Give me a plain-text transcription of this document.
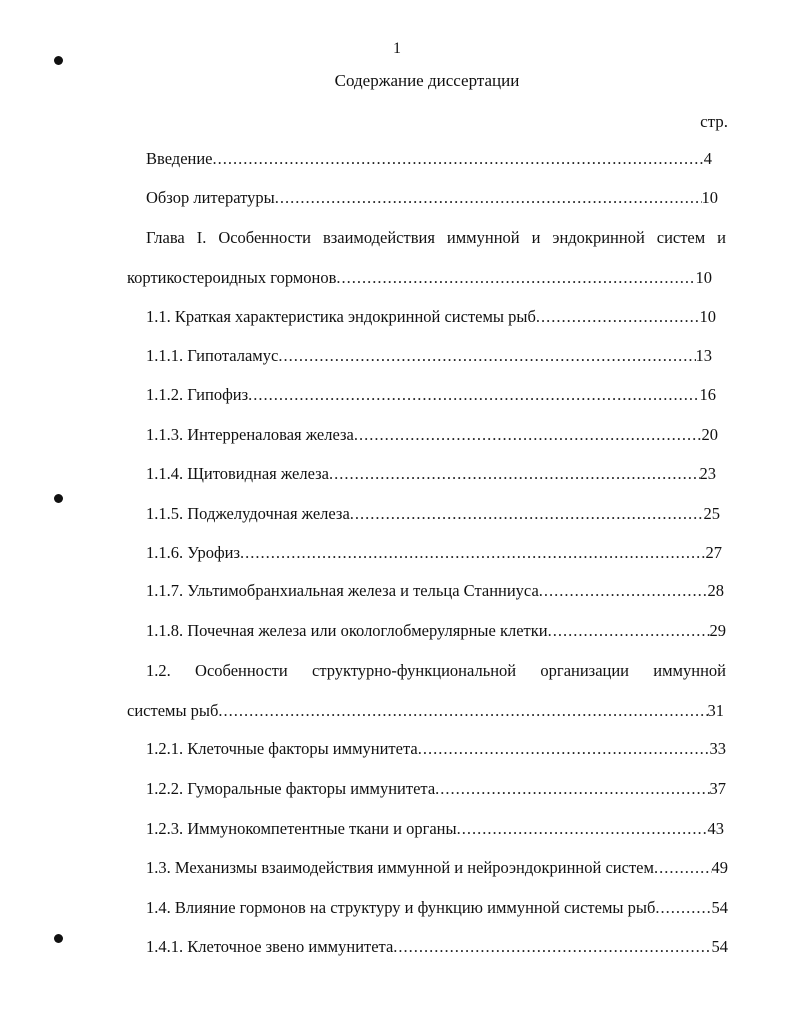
1
Содержание диссертации
стр.
Введение .....	4
Обзор литературы .....	10
Глава I. Особенности взаимодействия иммунной и эндокринной систем и
кортикостероидных гормонов .....	10
1.1. Краткая характеристика эндокринной системы рыб .....	10
1.1.1. Гипоталамус .....	13
1.1.2. Гипофиз .....	16
1.1.3. Интерреналовая железа .....	20
1.1.4. Щитовидная железа .....	23
1.1.5. Поджелудочная железа .....	25
1.1.6. Урофиз .....	27
1.1.7. Ультимобранхиальная железа и тельца Станниуса .....	28
1.1.8. Почечная железа или окологлобмерулярные клетки .....	29
1.2. Особенности структурно-функциональной организации иммунной
системы рыб .....	31
1.2.1. Клеточные факторы иммунитета .....	33
1.2.2. Гуморальные факторы иммунитета .....	37
1.2.3. Иммунокомпетентные ткани и органы .....	43
1.3. Механизмы взаимодействия иммунной и нейроэндокринной систем .....	49
1.4. Влияние гормонов на структуру и функцию иммунной системы рыб .....	54
1.4.1. Клеточное звено иммунитета .....	54
